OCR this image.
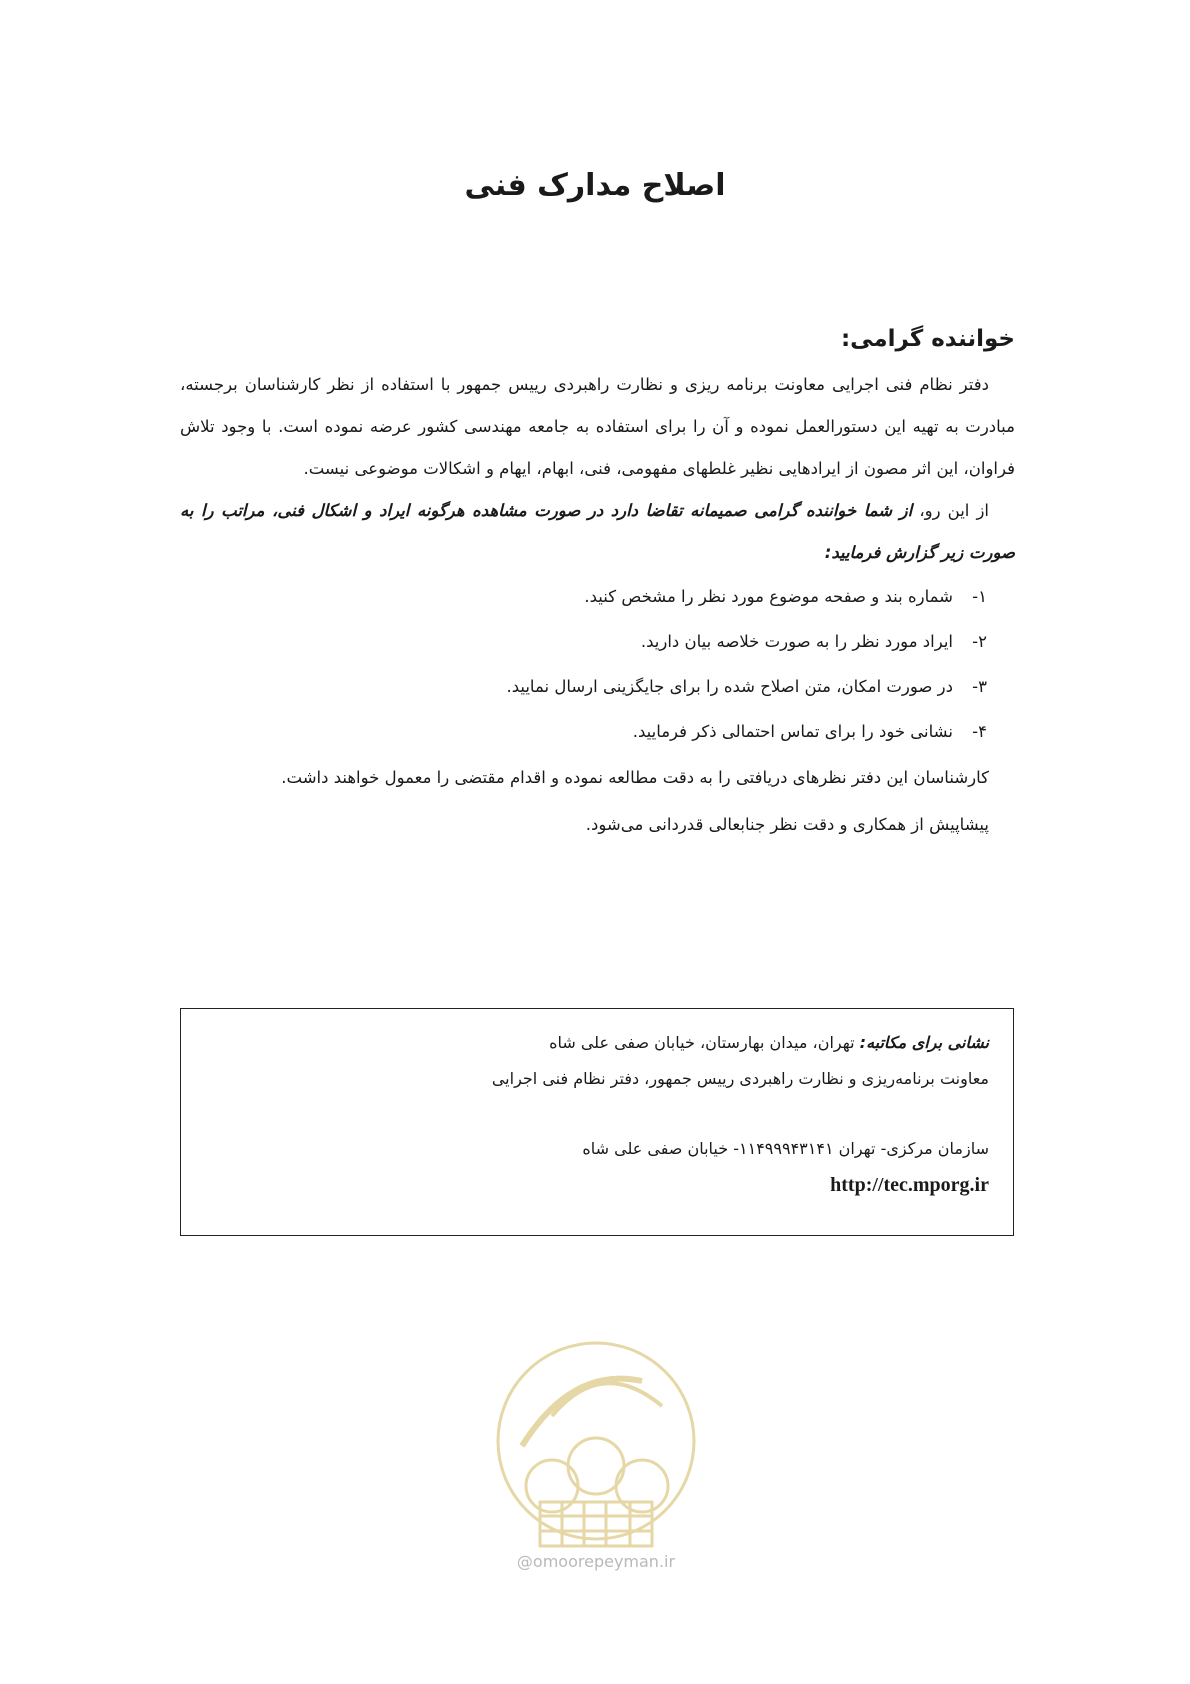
اصلاح مدارک فنی
خواننده گرامی:

دفتر نظام فنی اجرایی معاونت برنامه ریزی و نظارت راهبردی رییس جمهور با استفاده از نظر کارشناسان برجسته، مبادرت به تهیه این دستورالعمل نموده و آن را برای استفاده به جامعه مهندسی کشور عرضه نموده است. با وجود تلاش فراوان، این اثر مصون از ایرادهایی نظیر غلطهای مفهومی، فنی، ابهام، ایهام و اشکالات موضوعی نیست.

از این رو، از شما خواننده گرامی صمیمانه تقاضا دارد در صورت مشاهده هرگونه ایراد و اشکال فنی، مراتب را به صورت زیر گزارش فرمایید:

۱-شماره بند و صفحه موضوع مورد نظر را مشخص کنید.
۲-ایراد مورد نظر را به صورت خلاصه بیان دارید.
۳-در صورت امکان، متن اصلاح شده را برای جایگزینی ارسال نمایید.
۴-نشانی خود را برای تماس احتمالی ذکر فرمایید.

کارشناسان این دفتر نظرهای دریافتی را به دقت مطالعه نموده و اقدام مقتضی را معمول خواهند داشت.

پیشاپیش از همکاری و دقت نظر جنابعالی قدردانی می‌شود.

نشانی برای مکاتبه: تهران، میدان بهارستان، خیابان صفی علی شاه
معاونت برنامه‌ریزی و نظارت راهبردی رییس جمهور، دفتر نظام فنی اجرایی
سازمان مرکزی- تهران ۱۱۴۹۹۹۴۳۱۴۱- خیابان صفی علی شاه
http://tec.mporg.ir
@omoorepeyman.ir
